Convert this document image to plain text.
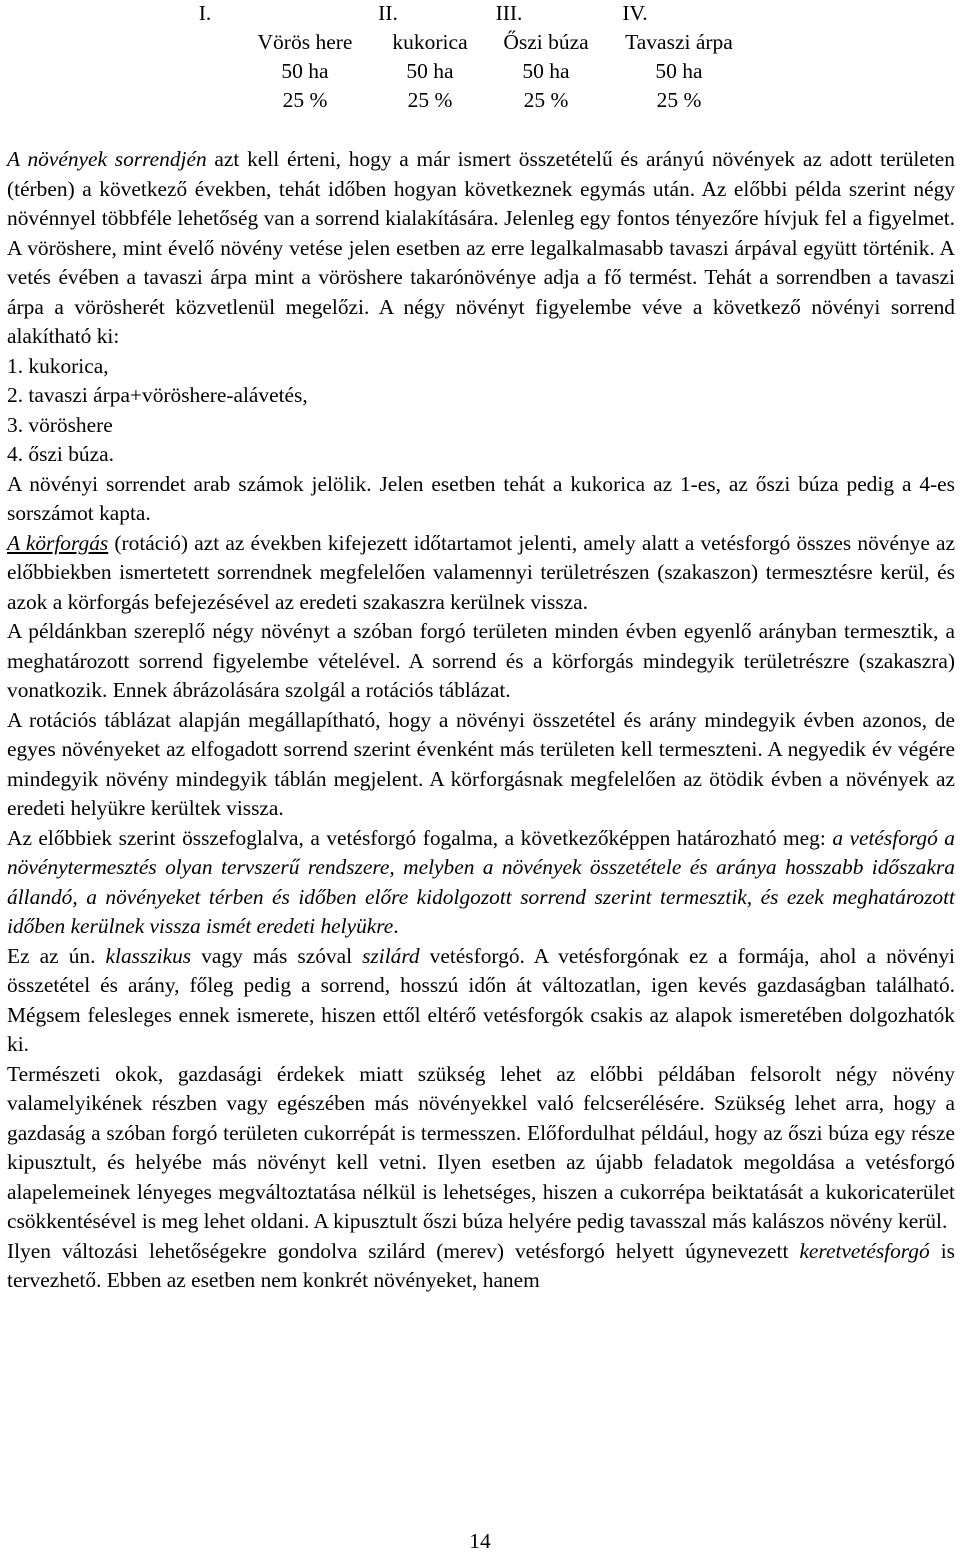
I.
Vörös here
50 ha
25 %
II.
kukorica
50 ha
25 %
III.
Őszi búza
50 ha
25 %
IV.
Tavaszi árpa
50 ha
25 %

A növények sorrendjén azt kell érteni, hogy a már ismert összetételű és arányú növények az adott területen (térben) a következő években, tehát időben hogyan következnek egymás után. Az előbbi példa szerint négy növénnyel többféle lehetőség van a sorrend kialakítására. Jelenleg egy fontos tényezőre hívjuk fel a figyelmet. A vöröshere, mint évelő növény vetése jelen esetben az erre legalkalmasabb tavaszi árpával együtt történik. A vetés évében a tavaszi árpa mint a vöröshere takarónövénye adja a fő termést. Tehát a sorrendben a tavaszi árpa a vörösherét közvetlenül megelőzi. A négy növényt figyelembe véve a következő növényi sorrend alakítható ki:

1. kukorica,

2. tavaszi árpa+vöröshere-alávetés,

3. vöröshere

4. őszi búza.

A növényi sorrendet arab számok jelölik. Jelen esetben tehát a kukorica az 1-es, az őszi búza pedig a 4-es sorszámot kapta.

A körforgás (rotáció) azt az években kifejezett időtartamot jelenti, amely alatt a vetésforgó összes növénye az előbbiekben ismertetett sorrendnek megfelelően valamennyi területrészen (szakaszon) termesztésre kerül, és azok a körforgás befejezésével az eredeti szakaszra kerülnek vissza.

A példánkban szereplő négy növényt a szóban forgó területen minden évben egyenlő arányban termesztik, a meghatározott sorrend figyelembe vételével. A sorrend és a körforgás mindegyik területrészre (szakaszra) vonatkozik. Ennek ábrázolására szolgál a rotációs táblázat.

A rotációs táblázat alapján megállapítható, hogy a növényi összetétel és arány mindegyik évben azonos, de egyes növényeket az elfogadott sorrend szerint évenként más területen kell termeszteni. A negyedik év végére mindegyik növény mindegyik táblán megjelent. A körforgásnak megfelelően az ötödik évben a növények az eredeti helyükre kerültek vissza.

Az előbbiek szerint összefoglalva, a vetésforgó fogalma, a következőképpen határozható meg: a vetésforgó a növénytermesztés olyan tervszerű rendszere, melyben a növények összetétele és aránya hosszabb időszakra állandó, a növényeket térben és időben előre kidolgozott sorrend szerint termesztik, és ezek meghatározott időben kerülnek vissza ismét eredeti helyükre.

Ez az ún. klasszikus vagy más szóval szilárd vetésforgó. A vetésforgónak ez a formája, ahol a növényi összetétel és arány, főleg pedig a sorrend, hosszú időn át változatlan, igen kevés gazdaságban található. Mégsem felesleges ennek ismerete, hiszen ettől eltérő vetésforgók csakis az alapok ismeretében dolgozhatók ki.

Természeti okok, gazdasági érdekek miatt szükség lehet az előbbi példában felsorolt négy növény valamelyikének részben vagy egészében más növényekkel való felcserélésére. Szükség lehet arra, hogy a gazdaság a szóban forgó területen cukorrépát is termesszen. Előfordulhat például, hogy az őszi búza egy része kipusztult, és helyébe más növényt kell vetni. Ilyen esetben az újabb feladatok megoldása a vetésforgó alapelemeinek lényeges megváltoztatása nélkül is lehetséges, hiszen a cukorrépa beiktatását a kukoricaterület csökkentésével is meg lehet oldani. A kipusztult őszi búza helyére pedig tavasszal más kalászos növény kerül.

Ilyen változási lehetőségekre gondolva szilárd (merev) vetésforgó helyett úgynevezett keretvetésforgó is tervezhető. Ebben az esetben nem konkrét növényeket, hanem

14
